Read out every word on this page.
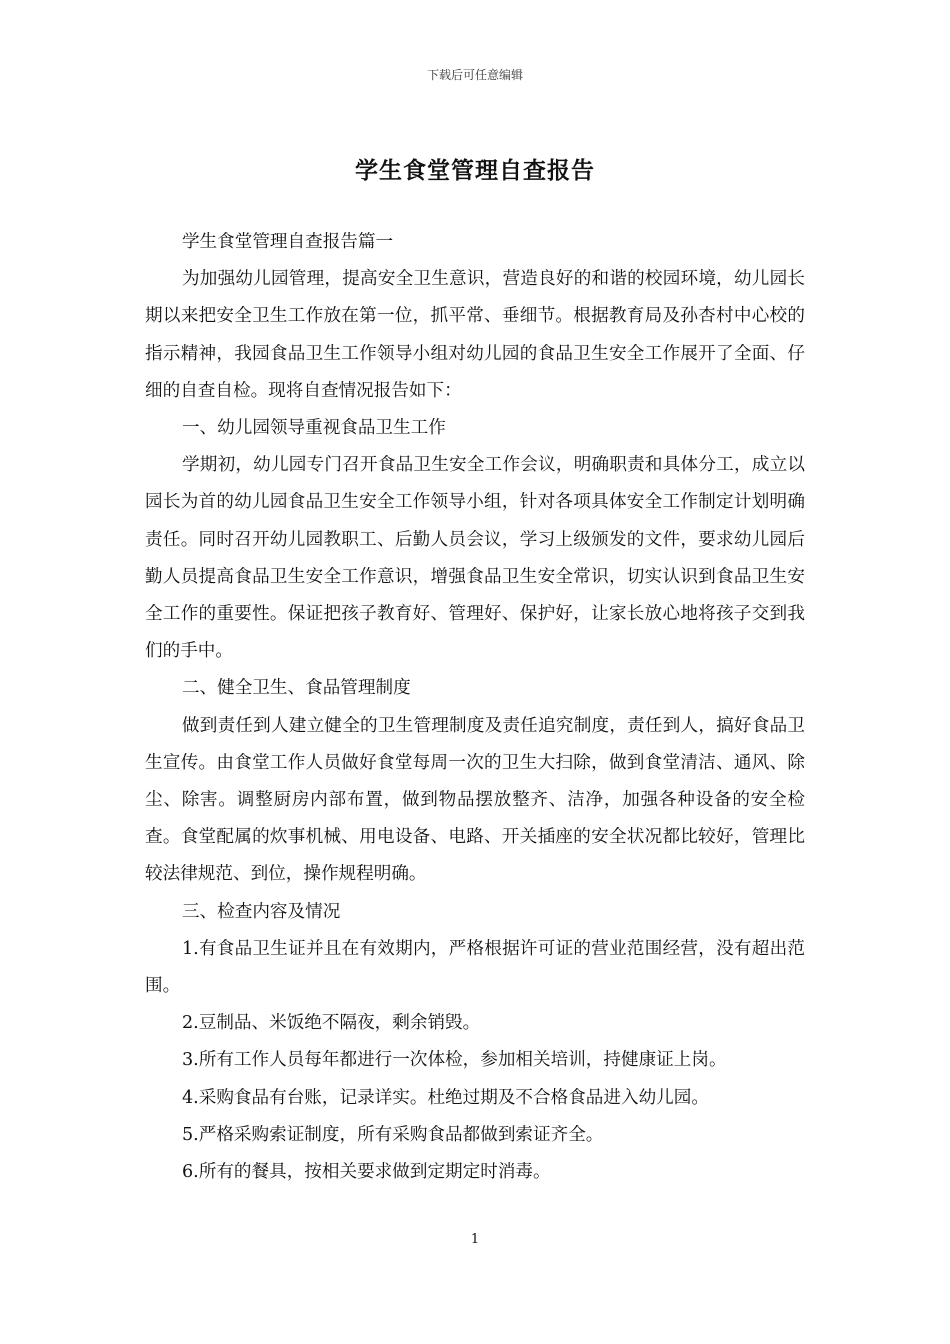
下载后可任意编辑
学生食堂管理自查报告

学生食堂管理自查报告篇一

为加强幼儿园管理，提高安全卫生意识，营造良好的和谐的校园环境，幼儿园长期以来把安全卫生工作放在第一位，抓平常、垂细节。根据教育局及孙杏村中心校的指示精神，我园食品卫生工作领导小组对幼儿园的食品卫生安全工作展开了全面、仔细的自查自检。现将自查情况报告如下：

一、幼儿园领导重视食品卫生工作

学期初，幼儿园专门召开食品卫生安全工作会议，明确职责和具体分工，成立以园长为首的幼儿园食品卫生安全工作领导小组，针对各项具体安全工作制定计划明确责任。同时召开幼儿园教职工、后勤人员会议，学习上级颁发的文件，要求幼儿园后勤人员提高食品卫生安全工作意识，增强食品卫生安全常识，切实认识到食品卫生安全工作的重要性。保证把孩子教育好、管理好、保护好，让家长放心地将孩子交到我们的手中。

二、健全卫生、食品管理制度

做到责任到人建立健全的卫生管理制度及责任追究制度，责任到人，搞好食品卫生宣传。由食堂工作人员做好食堂每周一次的卫生大扫除，做到食堂清洁、通风、除尘、除害。调整厨房内部布置，做到物品摆放整齐、洁净，加强各种设备的安全检查。食堂配属的炊事机械、用电设备、电路、开关插座的安全状况都比较好，管理比较法律规范、到位，操作规程明确。

三、检查内容及情况

1.有食品卫生证并且在有效期内，严格根据许可证的营业范围经营，没有超出范围。

2.豆制品、米饭绝不隔夜，剩余销毁。

3.所有工作人员每年都进行一次体检，参加相关培训，持健康证上岗。

4.采购食品有台账，记录详实。杜绝过期及不合格食品进入幼儿园。

5.严格采购索证制度，所有采购食品都做到索证齐全。

6.所有的餐具，按相关要求做到定期定时消毒。

1
